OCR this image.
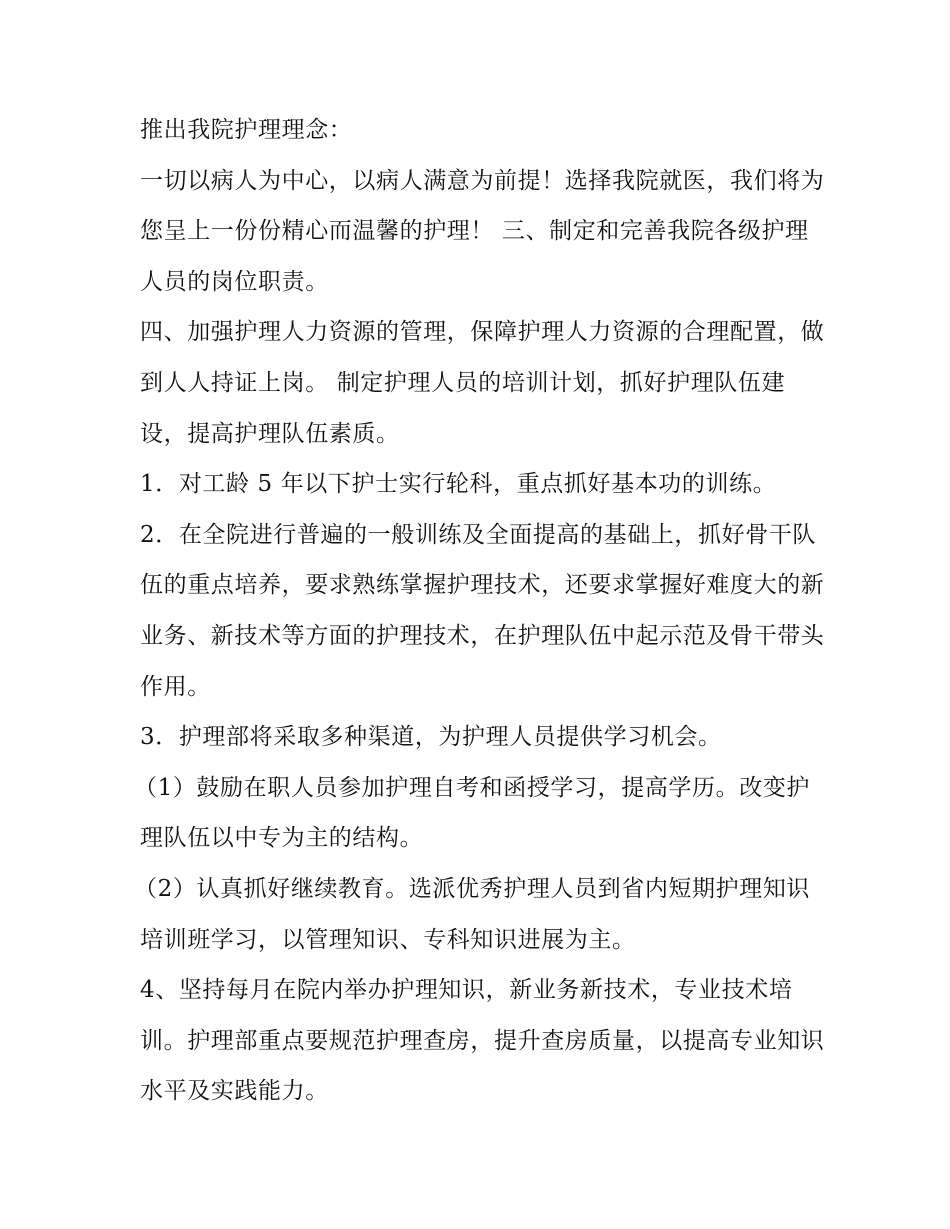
推出我院护理理念：

一切以病人为中心，以病人满意为前提！选择我院就医，我们将为您呈上一份份精心而温馨的护理！ 三、制定和完善我院各级护理人员的岗位职责。

四、加强护理人力资源的管理，保障护理人力资源的合理配置，做到人人持证上岗。 制定护理人员的培训计划，抓好护理队伍建设，提高护理队伍素质。

1．对工龄 5 年以下护士实行轮科，重点抓好基本功的训练。

2．在全院进行普遍的一般训练及全面提高的基础上，抓好骨干队伍的重点培养，要求熟练掌握护理技术，还要求掌握好难度大的新业务、新技术等方面的护理技术，在护理队伍中起示范及骨干带头作用。

3．护理部将采取多种渠道，为护理人员提供学习机会。

（1）鼓励在职人员参加护理自考和函授学习，提高学历。改变护理队伍以中专为主的结构。

（2）认真抓好继续教育。选派优秀护理人员到省内短期护理知识培训班学习，以管理知识、专科知识进展为主。

4、坚持每月在院内举办护理知识，新业务新技术，专业技术培训。护理部重点要规范护理查房，提升查房质量，以提高专业知识水平及实践能力。
